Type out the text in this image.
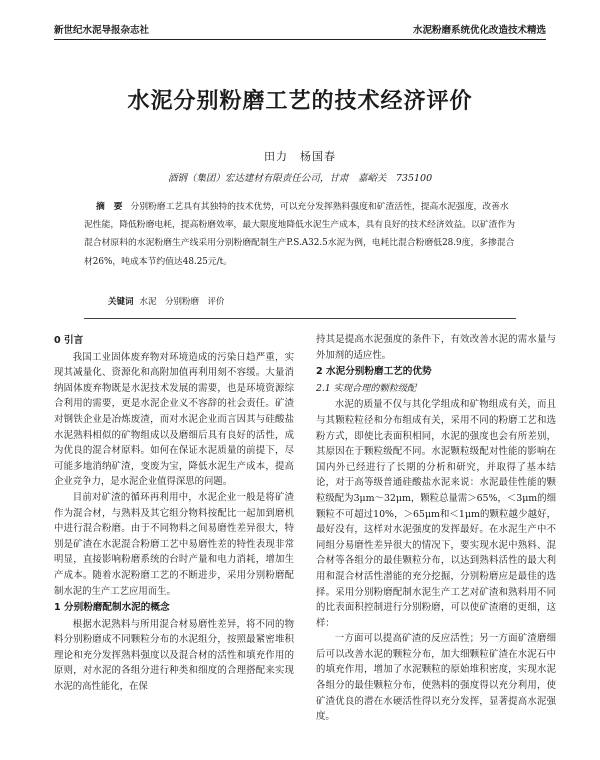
新世纪水泥导报杂志社	水泥粉磨系统优化改造技术精选
水泥分别粉磨工艺的技术经济评价
田力　杨国春
酒钢（集团）宏达建材有限责任公司，甘肃　嘉峪关　735100
摘　要 分别粉磨工艺具有其独特的技术优势，可以充分发挥熟料强度和矿渣活性，提高水泥强度，改善水泥性能，降低粉磨电耗，提高粉磨效率，最大限度地降低水泥生产成本，具有良好的技术经济效益。以矿渣作为混合材原料的水泥粉磨生产线采用分别粉磨配制生产P.S.A32.5水泥为例，电耗比混合粉磨低28.9度，多掺混合材26%，吨成本节约值达48.25元/t。
关键词 水泥　分别粉磨　评价
0 引言

我国工业固体废弃物对环境造成的污染日趋严重，实现其减量化、资源化和高附加值再利用刻不容缓。大量消纳固体废弃物既是水泥技术发展的需要，也是环境资源综合利用的需要，更是水泥企业义不容辞的社会责任。矿渣对钢铁企业是冶炼废渣，而对水泥企业而言因其与硅酸盐水泥熟料相似的矿物组成以及磨细后具有良好的活性，成为优良的混合材原料。如何在保证水泥质量的前提下，尽可能多地消纳矿渣，变废为宝，降低水泥生产成本，提高企业竞争力，是水泥企业值得深思的问题。

目前对矿渣的循环再利用中，水泥企业一般是将矿渣作为混合材，与熟料及其它组分物料按配比一起加到磨机中进行混合粉磨。由于不同物料之间易磨性差异很大，特别是矿渣在水泥混合粉磨工艺中易磨性差的特性表现非常明显，直接影响粉磨系统的台时产量和电力消耗，增加生产成本。随着水泥粉磨工艺的不断进步，采用分别粉磨配制水泥的生产工艺应用而生。

1 分别粉磨配制水泥的概念

根据水泥熟料与所用混合材易磨性差异，将不同的物料分别粉磨成不同颗粒分布的水泥组分，按照最紧密堆积理论和充分发挥熟料强度以及混合材的活性和填充作用的原则，对水泥的各组分进行种类和细度的合理搭配来实现水泥的高性能化，在保

持其是提高水泥强度的条件下，有效改善水泥的需水量与外加剂的适应性。

2 水泥分别粉磨工艺的优势
2.1 实现合理的颗粒级配

水泥的质量不仅与其化学组成和矿物组成有关，而且与其颗粒粒径和分布组成有关，采用不同的粉磨工艺和选粉方式，即使比表面积相同，水泥的强度也会有所差别，其原因在于颗粒级配不同。水泥颗粒级配对性能的影响在国内外已经进行了长期的分析和研究，并取得了基本结论，对于高等级普通硅酸盐水泥来说：水泥最佳性能的颗粒级配为3μm～32μm，颗粒总量需＞65%，＜3μm的细颗粒不可超过10%，＞65μm和＜1μm的颗粒越少越好，最好没有，这样对水泥强度的发挥最好。在水泥生产中不同组分易磨性差异很大的情况下，要实现水泥中熟料、混合材等各组分的最佳颗粒分布，以达到熟料活性的最大利用和混合材活性潜能的充分挖掘，分别粉磨应是最佳的选择。采用分别粉磨配制水泥生产工艺对矿渣和熟料用不同的比表面积控制进行分别粉磨，可以使矿渣磨的更细，这样：

一方面可以提高矿渣的反应活性；另一方面矿渣磨细后可以改善水泥的颗粒分布，加大细颗粒矿渣在水泥石中的填充作用，增加了水泥颗粒的原始堆积密度，实现水泥各组分的最佳颗粒分布，使熟料的强度得以充分利用，使矿渣优良的潜在水硬活性得以充分发挥，显著提高水泥强度。
